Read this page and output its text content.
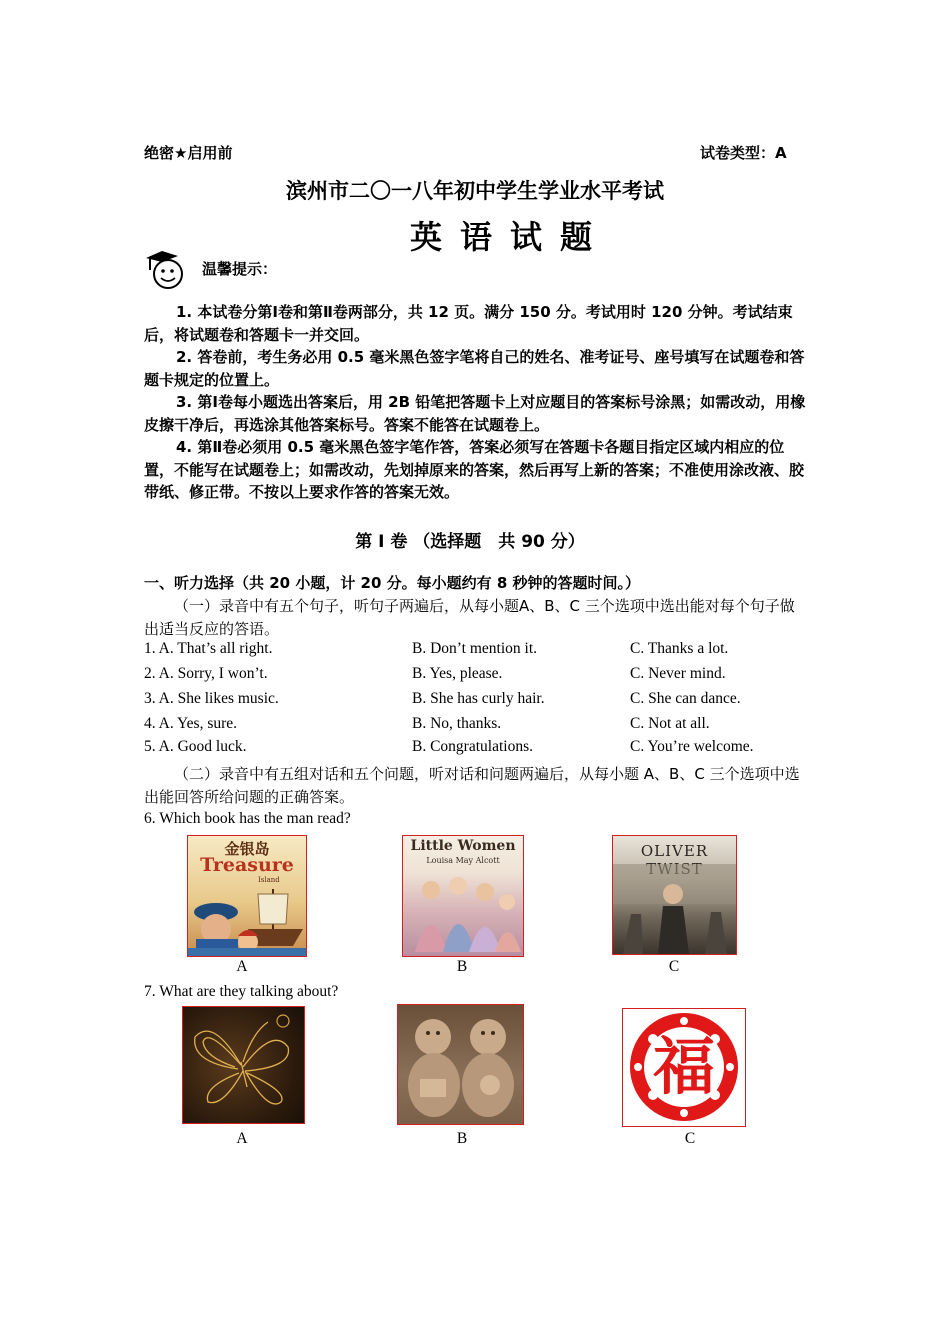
绝密★启用前	试卷类型：A
滨州市二〇一八年初中学生学业水平考试
英语试题
温馨提示：

1. 本试卷分第Ⅰ卷和第Ⅱ卷两部分，共 12 页。满分 150 分。考试用时 120 分钟。考试结束后，将试题卷和答题卡一并交回。

2. 答卷前，考生务必用 0.5 毫米黑色签字笔将自己的姓名、准考证号、座号填写在试题卷和答题卡规定的位置上。

3. 第Ⅰ卷每小题选出答案后，用 2B 铅笔把答题卡上对应题目的答案标号涂黑；如需改动，用橡皮擦干净后，再选涂其他答案标号。答案不能答在试题卷上。

4. 第Ⅱ卷必须用 0.5 毫米黑色签字笔作答，答案必须写在答题卡各题目指定区域内相应的位置，不能写在试题卷上；如需改动，先划掉原来的答案，然后再写上新的答案；不准使用涂改液、胶带纸、修正带。不按以上要求作答的答案无效。

第 Ⅰ 卷 （选择题　共 90 分）
一、听力选择（共 20 小题，计 20 分。每小题约有 8 秒钟的答题时间。）
（一）录音中有五个句子，听句子两遍后，从每小题A、B、C 三个选项中选出能对每个句子做出适当反应的答语。
1. A. That’s all right.	B. Don’t mention it.	C. Thanks a lot.
2. A. Sorry, I won’t.	B. Yes, please.	C. Never mind.
3. A. She likes music.	B. She has curly hair.	C. She can dance.
4. A. Yes, sure.	B. No, thanks.	C. Not at all.
5. A. Good luck.	B. Congratulations.	C. You’re welcome.
（二）录音中有五组对话和五个问题，听对话和问题两遍后，从每小题 A、B、C 三个选项中选出能回答所给问题的正确答案。
6. Which book has the man read?
金银岛
Treasure
Island
A
Little Women
Louisa May Alcott
B
OLIVER
C
7. What are they talking about?
A	B
福
C
